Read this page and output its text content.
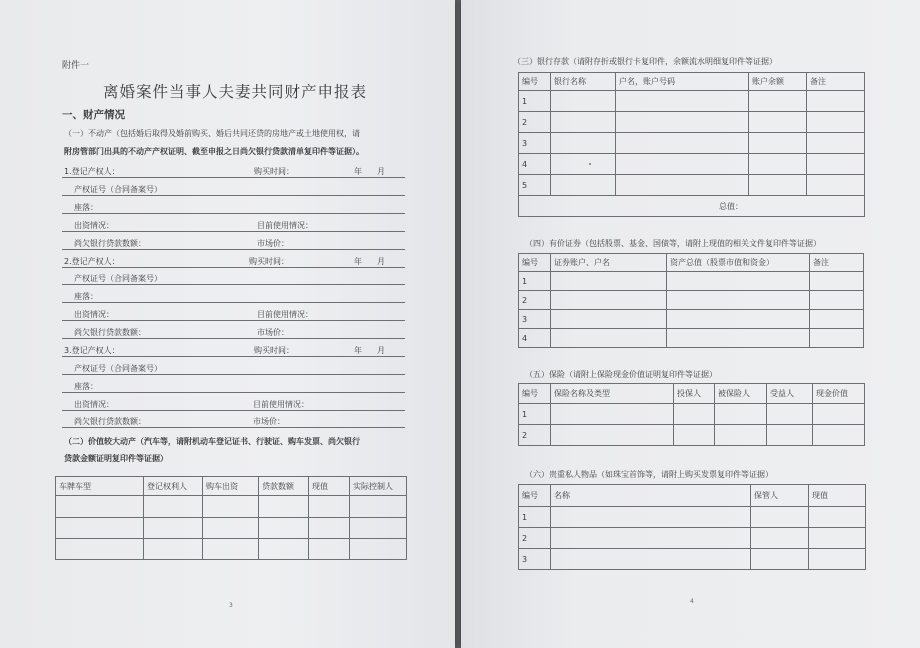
附件一
离婚案件当事人夫妻共同财产申报表
一、财产情况
（一）不动产（包括婚后取得及婚前购买、婚后共同还贷的房地产或土地使用权，请
附房管部门出具的不动产产权证明、截至申报之日尚欠银行贷款清单复印件等证据）。
1.登记产权人：	购买时间：	年 月
产权证号（合同备案号）
座落：
出资情况：	目前使用情况：
尚欠银行贷款数额：	市场价：
2.登记产权人：	购买时间：	年 月
产权证号（合同备案号）
座落：
出资情况：	目前使用情况：
尚欠银行贷款数额：	市场价：
3.登记产权人：	购买时间：	年 月
产权证号（合同备案号）
座落：
出资情况：	目前使用情况：
尚欠银行贷款数额：	市场价：
（二）价值较大动产（汽车等，请附机动车登记证书、行驶证、购车发票、尚欠银行
贷款金额证明复印件等证据）
车牌车型	登记权利人	购车出资	贷款数额	现值	实际控制人

3
（三）银行存款（请附存折或银行卡复印件，余额流水明细复印件等证据）
编号	银行名称	户名，账户号码	账户余额	备注
1				
2				
3				
4				
5				
总值：				
（四）有价证券（包括股票、基金、国债等，请附上现值的相关文件复印件等证据）
编号	证券账户、户名	资产总值（股票市值和资金）	备注
1			
2			
3			
4			
（五）保险（请附上保险现金价值证明复印件等证据）
编号	保险名称及类型	投保人	被保险人	受益人	现金价值
1					
2					
（六）贵重私人物品（如珠宝首饰等，请附上购买发票复印件等证据）
编号	名称	保管人	现值
1			
2			
3			
4
